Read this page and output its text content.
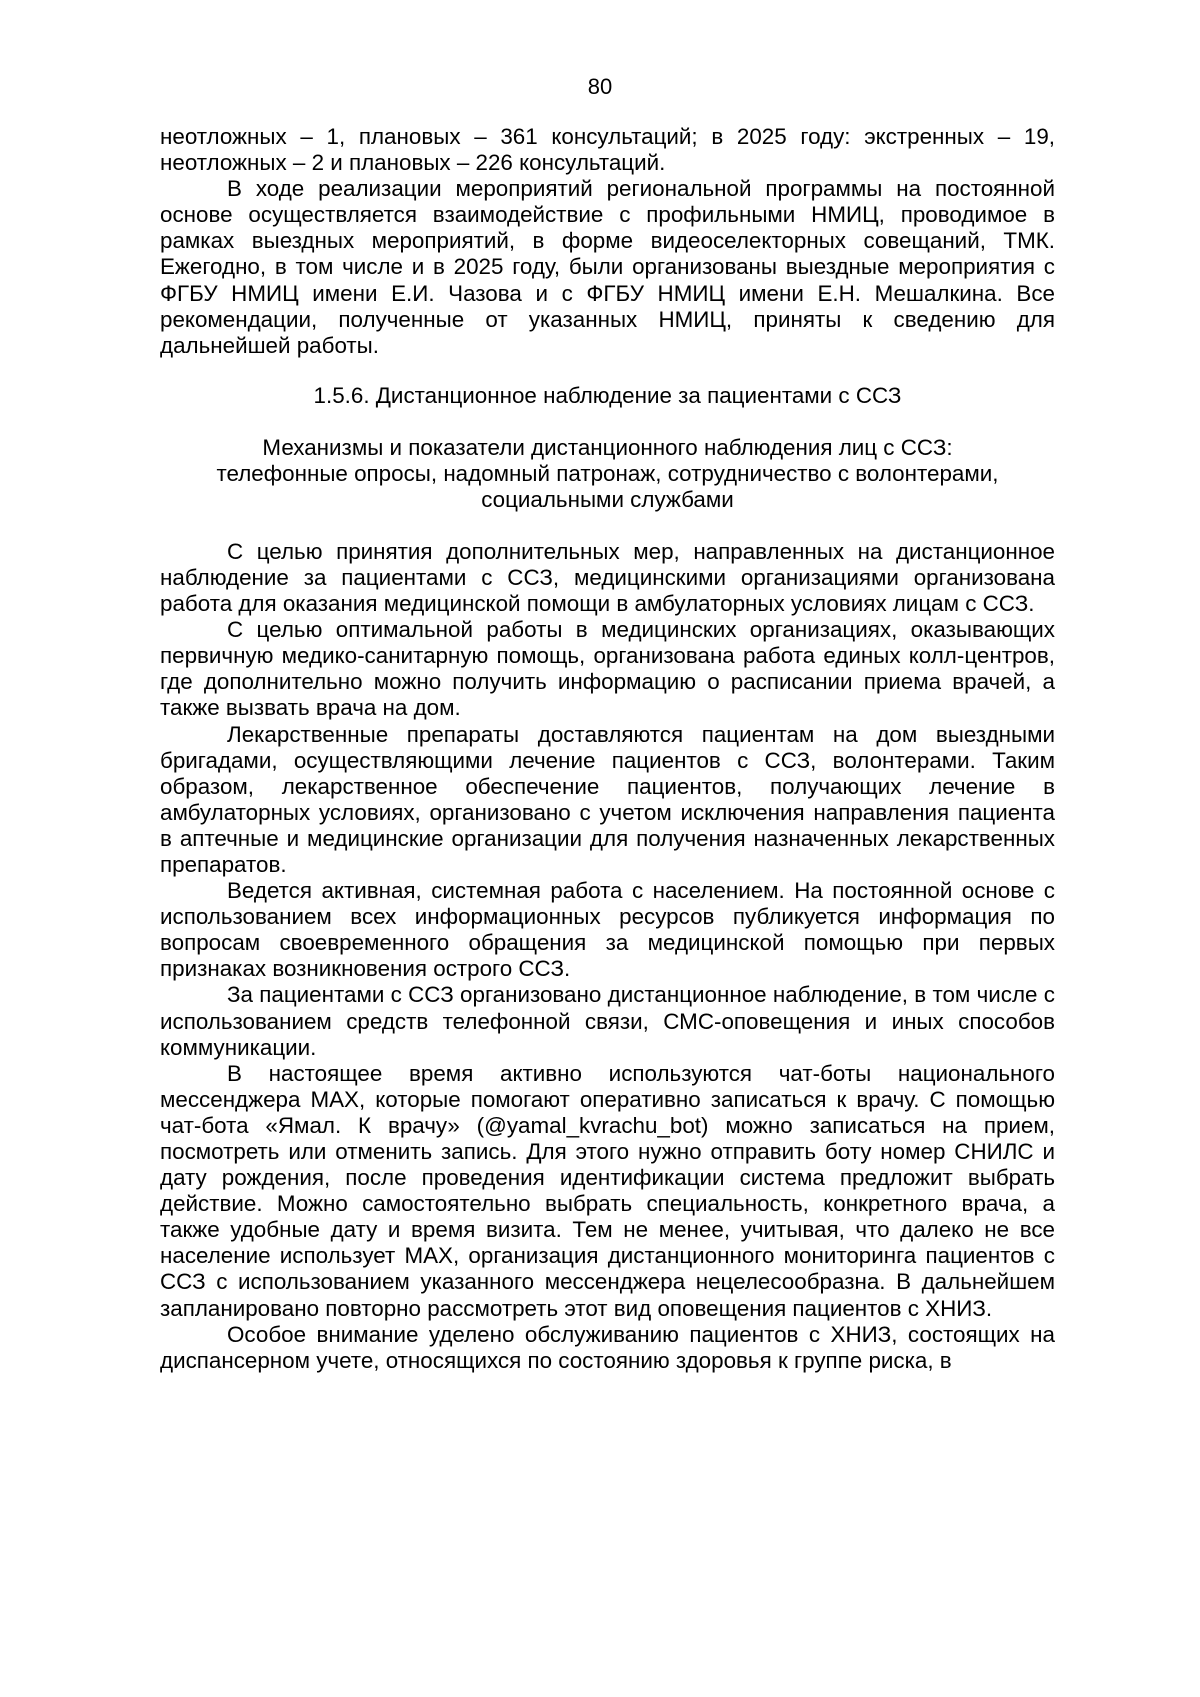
80

неотложных – 1, плановых – 361 консультаций; в 2025 году: экстренных – 19, неотложных – 2 и плановых – 226 консультаций.

В ходе реализации мероприятий региональной программы на постоянной основе осуществляется взаимодействие с профильными НМИЦ, проводимое в рамках выездных мероприятий, в форме видеоселекторных совещаний, ТМК. Ежегодно, в том числе и в 2025 году, были организованы выездные мероприятия с ФГБУ НМИЦ имени Е.И. Чазова и с ФГБУ НМИЦ имени Е.Н. Мешалкина. Все рекомендации, полученные от указанных НМИЦ, приняты к сведению для дальнейшей работы.

1.5.6. Дистанционное наблюдение за пациентами с ССЗ
Механизмы и показатели дистанционного наблюдения лиц с ССЗ:
телефонные опросы, надомный патронаж, сотрудничество с волонтерами,
социальными службами

С целью принятия дополнительных мер, направленных на дистанционное наблюдение за пациентами с ССЗ, медицинскими организациями организована работа для оказания медицинской помощи в амбулаторных условиях лицам с ССЗ.

С целью оптимальной работы в медицинских организациях, оказывающих первичную медико-санитарную помощь, организована работа единых колл-центров, где дополнительно можно получить информацию о расписании приема врачей, а также вызвать врача на дом.

Лекарственные препараты доставляются пациентам на дом выездными бригадами, осуществляющими лечение пациентов с ССЗ, волонтерами. Таким образом, лекарственное обеспечение пациентов, получающих лечение в амбулаторных условиях, организовано с учетом исключения направления пациента в аптечные и медицинские организации для получения назначенных лекарственных препаратов.

Ведется активная, системная работа с населением. На постоянной основе с использованием всех информационных ресурсов публикуется информация по вопросам своевременного обращения за медицинской помощью при первых признаках возникновения острого ССЗ.

За пациентами с ССЗ организовано дистанционное наблюдение, в том числе с использованием средств телефонной связи, СМС-оповещения и иных способов коммуникации.

В настоящее время активно используются чат-боты национального мессенджера MAX, которые помогают оперативно записаться к врачу. С помощью чат-бота «Ямал. К врачу» (@yamal_kvrachu_bot) можно записаться на прием, посмотреть или отменить запись. Для этого нужно отправить боту номер СНИЛС и дату рождения, после проведения идентификации система предложит выбрать действие. Можно самостоятельно выбрать специальность, конкретного врача, а также удобные дату и время визита. Тем не менее, учитывая, что далеко не все население использует MAX, организация дистанционного мониторинга пациентов с ССЗ с использованием указанного мессенджера нецелесообразна. В дальнейшем запланировано повторно рассмотреть этот вид оповещения пациентов с ХНИЗ.

Особое внимание уделено обслуживанию пациентов с ХНИЗ, состоящих на диспансерном учете, относящихся по состоянию здоровья к группе риска, в
